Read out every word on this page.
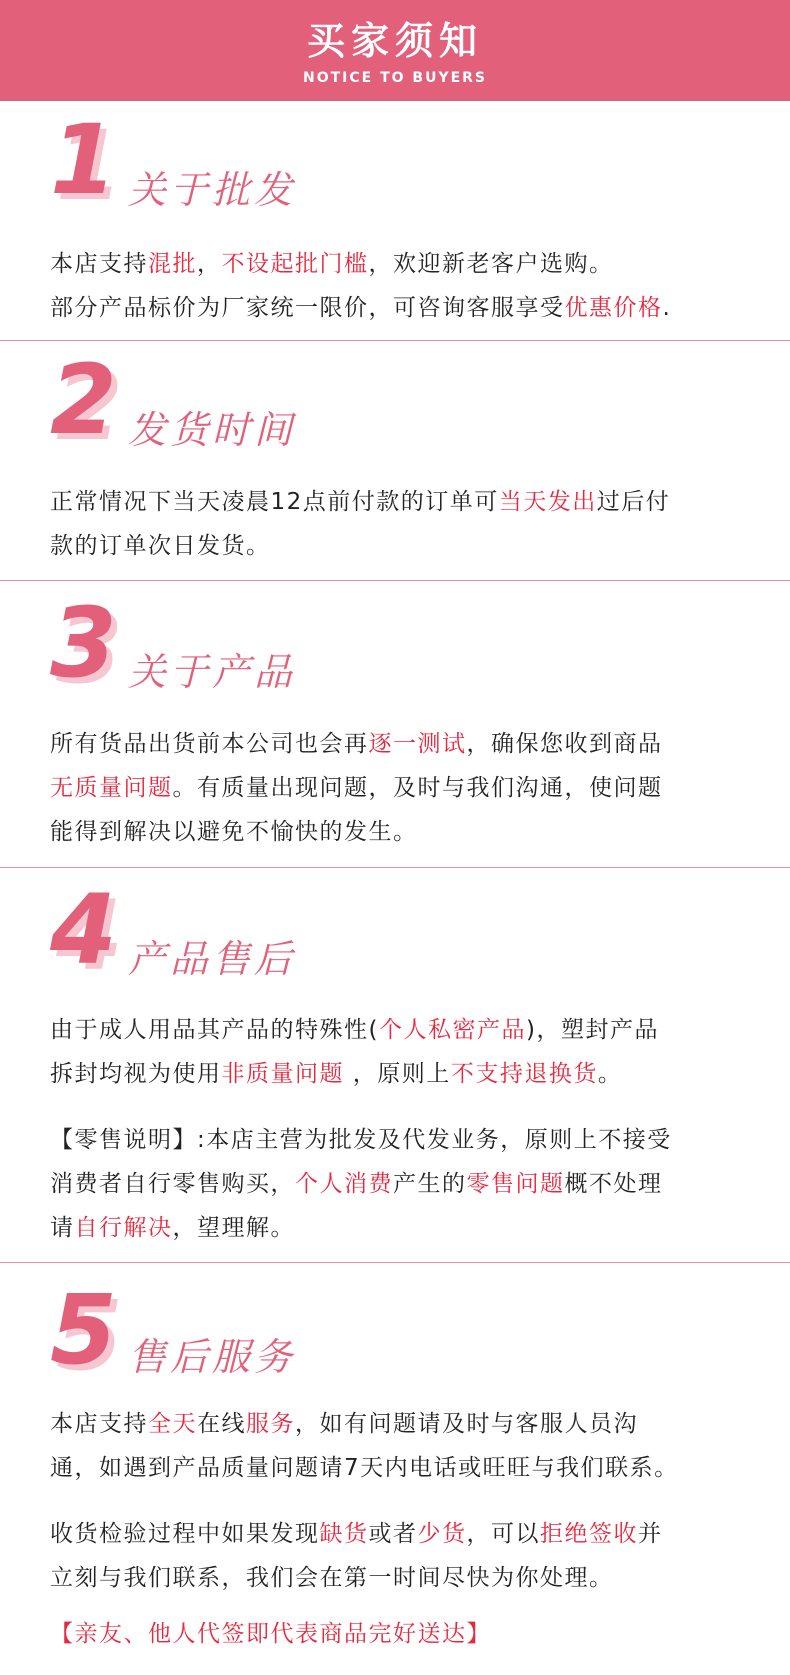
买家须知
NOTICE TO BUYERS
1 关于批发
本店支持混批，不设起批门槛，欢迎新老客户选购。
部分产品标价为厂家统一限价，可咨询客服享受优惠价格.
2 发货时间
正常情况下当天凌晨12点前付款的订单可当天发出过后付
款的订单次日发货。
3 关于产品
所有货品出货前本公司也会再逐一测试，确保您收到商品
无质量问题。有质量出现问题，及时与我们沟通，使问题
能得到解决以避免不愉快的发生。
4 产品售后
由于成人用品其产品的特殊性(个人私密产品)，塑封产品
拆封均视为使用非质量问题 ，原则上不支持退换货。
【零售说明】:本店主营为批发及代发业务，原则上不接受
消费者自行零售购买，个人消费产生的零售问题概不处理
请自行解决，望理解。
5 售后服务
本店支持全天在线服务，如有问题请及时与客服人员沟
通，如遇到产品质量问题请7天内电话或旺旺与我们联系。
收货检验过程中如果发现缺货或者少货，可以拒绝签收并
立刻与我们联系，我们会在第一时间尽快为你处理。
【亲友、他人代签即代表商品完好送达】
